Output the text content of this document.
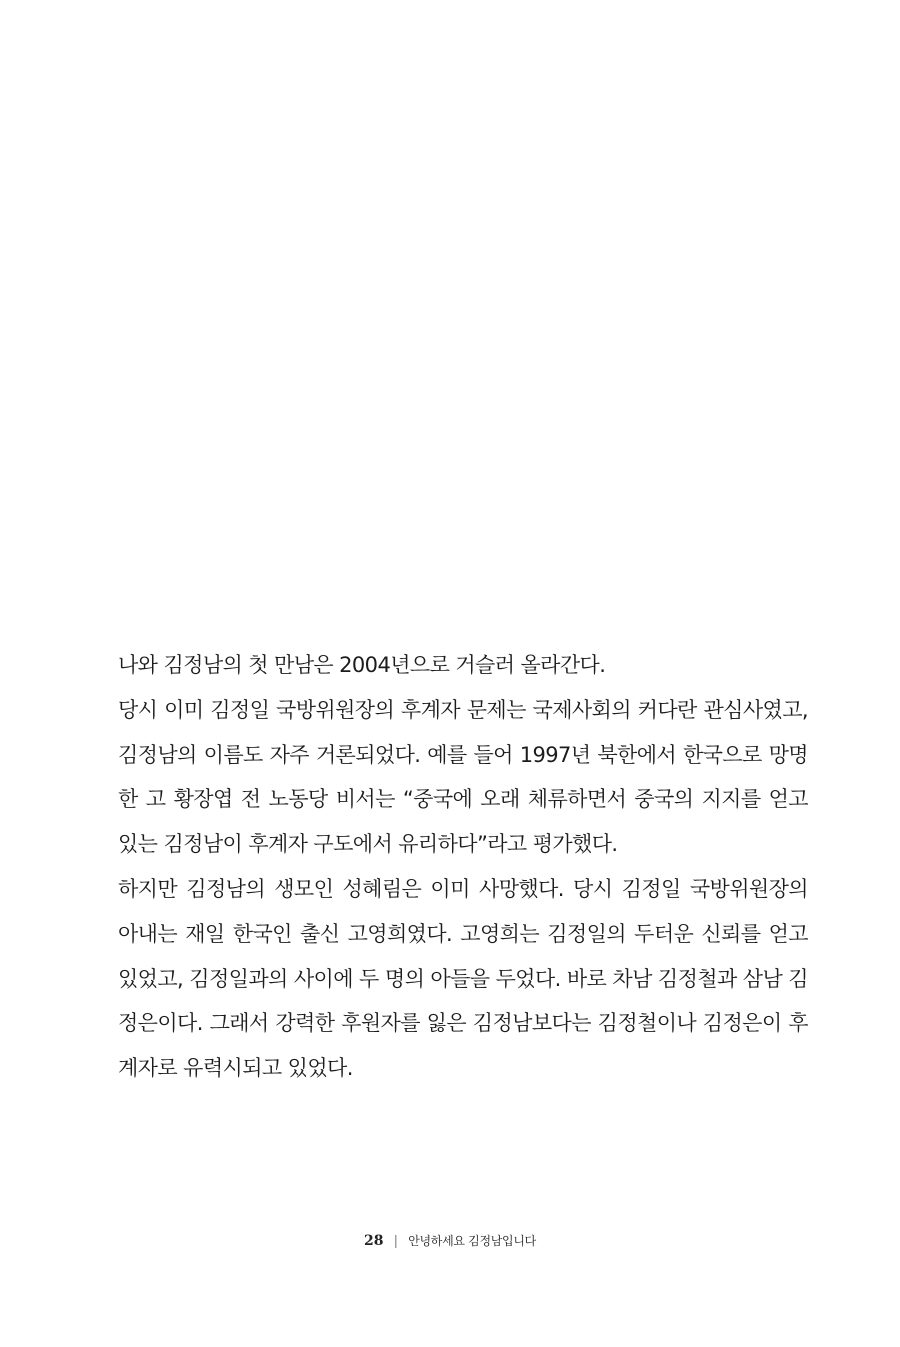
나와 김정남의 첫 만남은 2004년으로 거슬러 올라간다.

당시 이미 김정일 국방위원장의 후계자 문제는 국제사회의 커다란 관심사였고, 김정남의 이름도 자주 거론되었다. 예를 들어 1997년 북한에서 한국으로 망명한 고 황장엽 전 노동당 비서는 “중국에 오래 체류하면서 중국의 지지를 얻고 있는 김정남이 후계자 구도에서 유리하다”라고 평가했다.

하지만 김정남의 생모인 성혜림은 이미 사망했다. 당시 김정일 국방위원장의 아내는 재일 한국인 출신 고영희였다. 고영희는 김정일의 두터운 신뢰를 얻고 있었고, 김정일과의 사이에 두 명의 아들을 두었다. 바로 차남 김정철과 삼남 김정은이다. 그래서 강력한 후원자를 잃은 김정남보다는 김정철이나 김정은이 후계자로 유력시되고 있었다.

28 | 안녕하세요 김정남입니다
